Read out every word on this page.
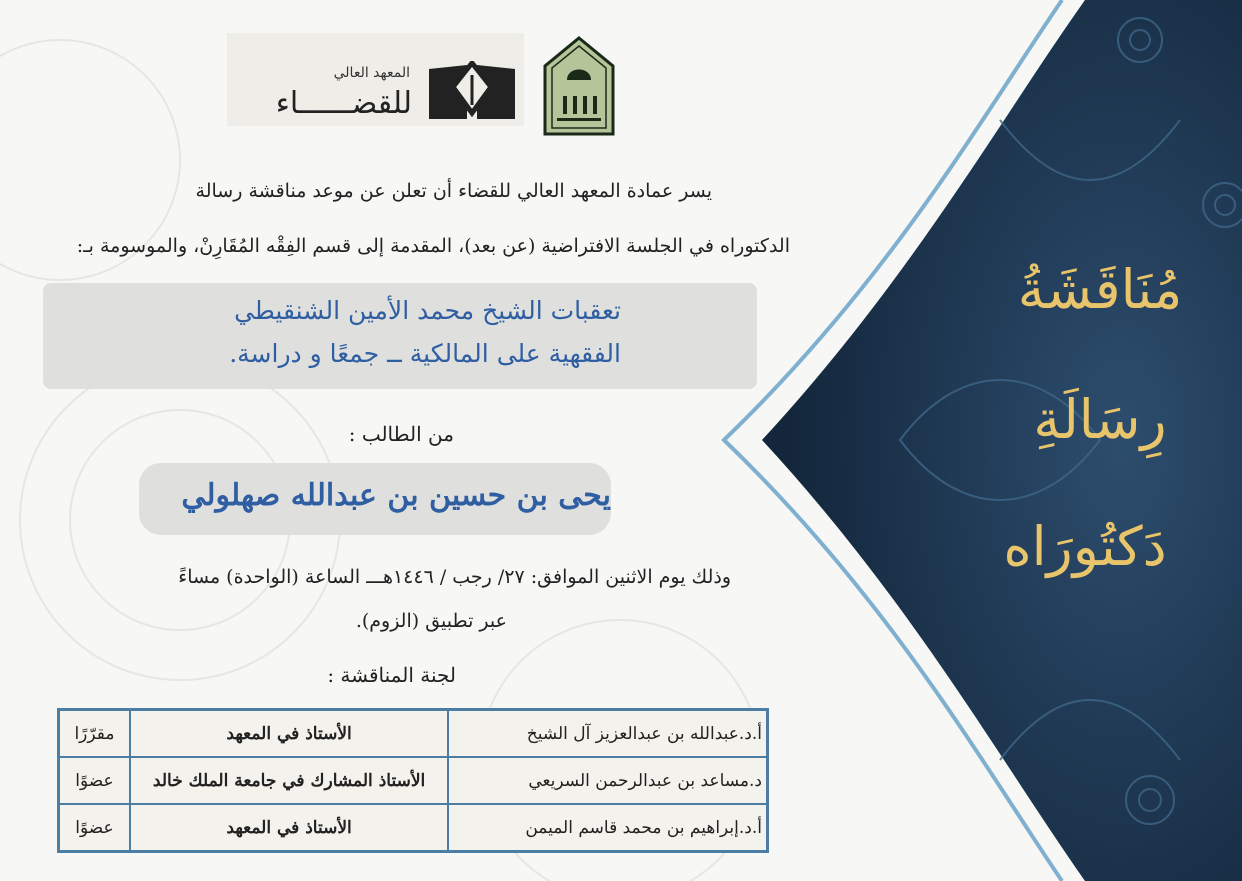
المعهد العالي
للقضــــــاء
يسر عمادة المعهد العالي للقضاء أن تعلن عن موعد مناقشة رسالة
الدكتوراه في الجلسة الافتراضية (عن بعد)، المقدمة إلى قسم الفِقْه المُقَارِنْ، والموسومة بـ:
تعقبات الشيخ محمد الأمين الشنقيطي
الفقهية على المالكية ــ جمعًا و دراسة.
من الطالب :
يحى بن حسين بن عبدالله صهلولي
وذلك يوم الاثنين الموافق: ٢٧/ رجب / ١٤٤٦هـــ الساعة (الواحدة) مساءً
عبر تطبيق (الزوم).
لجنة المناقشة :
أ.د.عبدالله بن عبدالعزيز آل الشيخ	الأستاذ في المعهد	مقرّرًا
د.مساعد بن عبدالرحمن السريعي	الأستاذ المشارك في جامعة الملك خالد	عضوًا
أ.د.إبراهيم بن محمد قاسم الميمن	الأستاذ في المعهد	عضوًا
مُنَاقَشَةُ
رِسَالَةِ
دَكتُورَاه
